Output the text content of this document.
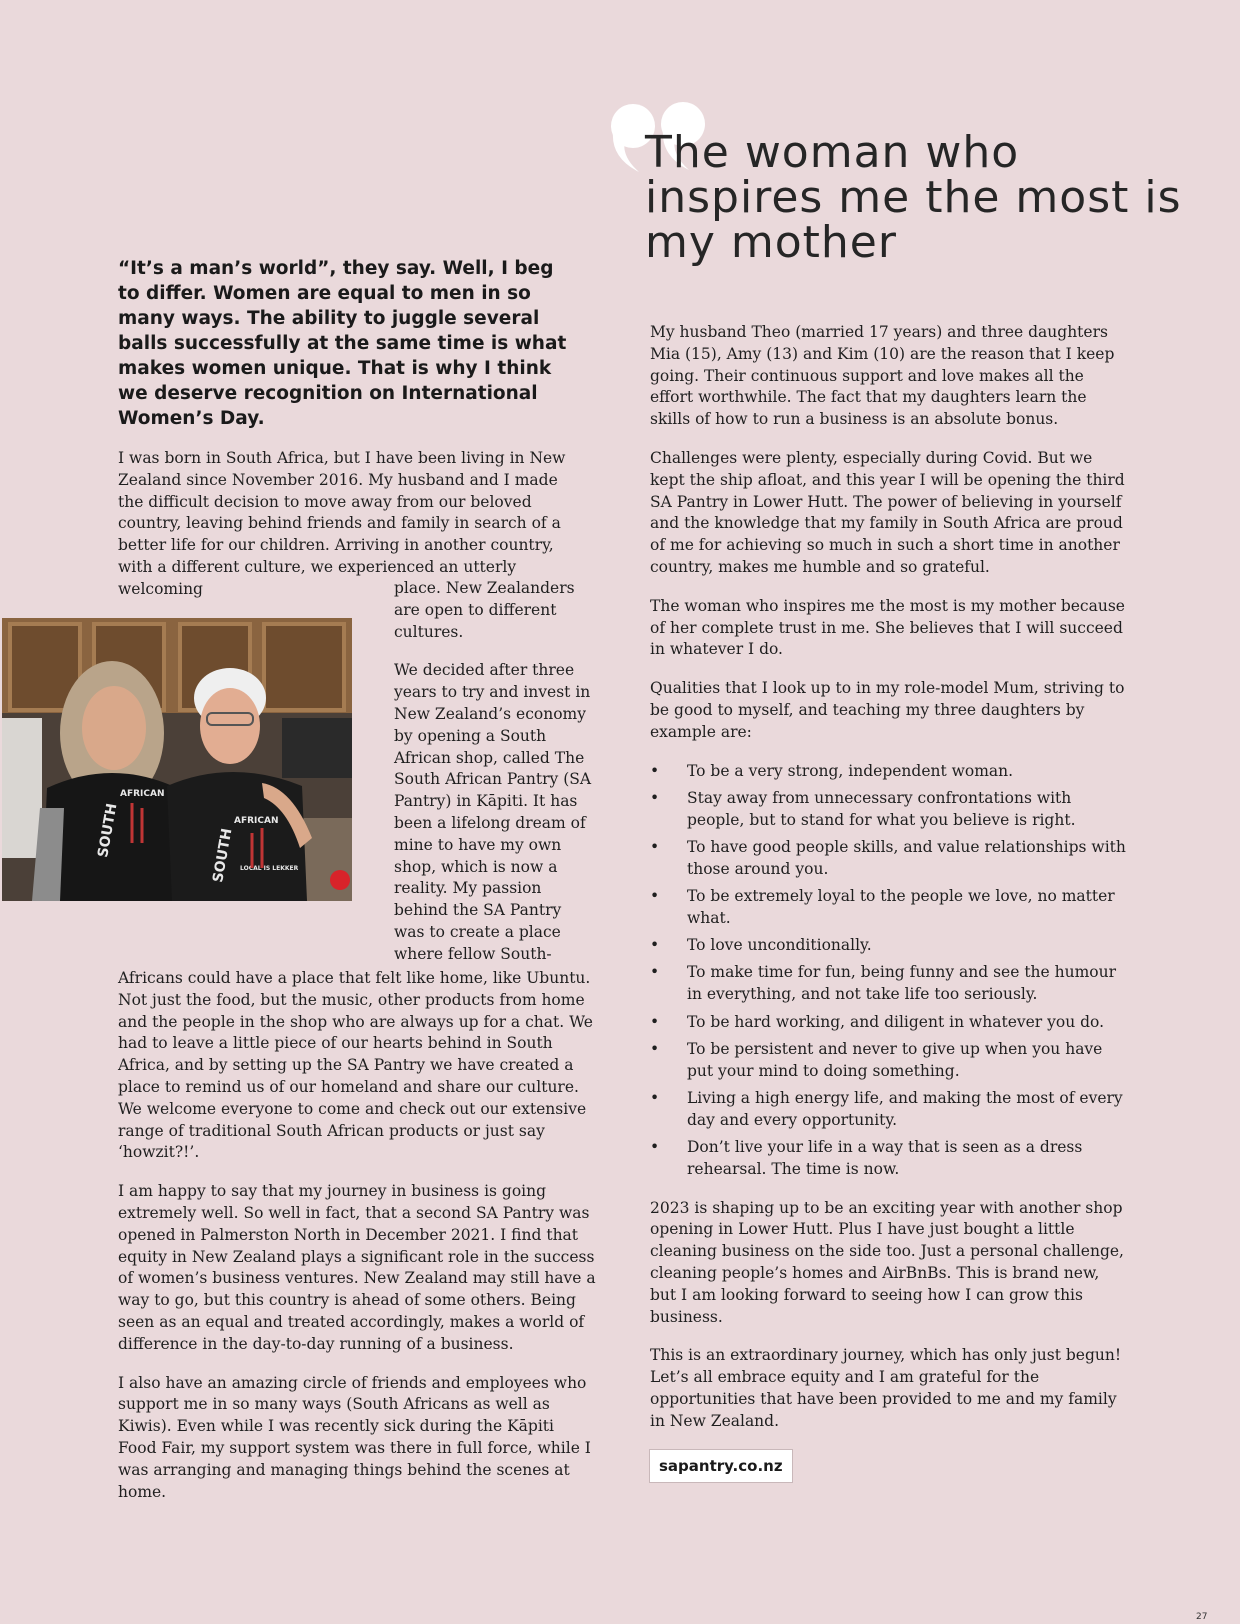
The woman who inspires me the most is my mother

“It’s a man’s world”, they say. Well, I beg to differ. Women are equal to men in so many ways. The ability to juggle several balls successfully at the same time is what makes women unique. That is why I think we deserve recognition on International Women’s Day.

I was born in South Africa, but I have been living in New Zealand since November 2016. My husband and I made the difficult decision to move away from our beloved country, leaving behind friends and family in search of a better life for our children. Arriving in another country, with a different culture, we experienced an utterly welcoming

SOUTH
AFRICAN
SOUTH
AFRICAN
LOCAL IS LEKKER

place. New Zealanders are open to different cultures.

We decided after three years to try and invest in New Zealand’s economy by opening a South African shop, called The South African Pantry (SA Pantry) in Kāpiti. It has been a lifelong dream of mine to have my own shop, which is now a reality. My passion behind the SA Pantry was to create a place where fellow South-

Africans could have a place that felt like home, like Ubuntu. Not just the food, but the music, other products from home and the people in the shop who are always up for a chat. We had to leave a little piece of our hearts behind in South Africa, and by setting up the SA Pantry we have created a place to remind us of our homeland and share our culture. We welcome everyone to come and check out our extensive range of traditional South African products or just say ‘howzit?!’.

I am happy to say that my journey in business is going extremely well. So well in fact, that a second SA Pantry was opened in Palmerston North in December 2021. I find that equity in New Zealand plays a significant role in the success of women’s business ventures. New Zealand may still have a way to go, but this country is ahead of some others. Being seen as an equal and treated accordingly, makes a world of difference in the day-to-day running of a business.

I also have an amazing circle of friends and employees who support me in so many ways (South Africans as well as Kiwis). Even while I was recently sick during the Kāpiti Food Fair, my support system was there in full force, while I was arranging and managing things behind the scenes at home.

My husband Theo (married 17 years) and three daughters Mia (15), Amy (13) and Kim (10) are the reason that I keep going. Their continuous support and love makes all the effort worthwhile. The fact that my daughters learn the skills of how to run a business is an absolute bonus.

Challenges were plenty, especially during Covid. But we kept the ship afloat, and this year I will be opening the third SA Pantry in Lower Hutt. The power of believing in yourself and the knowledge that my family in South Africa are proud of me for achieving so much in such a short time in another country, makes me humble and so grateful.

The woman who inspires me the most is my mother because of her complete trust in me. She believes that I will succeed in whatever I do.

Qualities that I look up to in my role-model Mum, striving to be good to myself, and teaching my three daughters by example are:

• To be a very strong, independent woman.
• Stay away from unnecessary confrontations with people, but to stand for what you believe is right.
• To have good people skills, and value relationships with those around you.
• To be extremely loyal to the people we love, no matter what.
• To love unconditionally.
• To make time for fun, being funny and see the humour in everything, and not take life too seriously.
• To be hard working, and diligent in whatever you do.
• To be persistent and never to give up when you have put your mind to doing something.
• Living a high energy life, and making the most of every day and every opportunity.
• Don’t live your life in a way that is seen as a dress rehearsal. The time is now.

2023 is shaping up to be an exciting year with another shop opening in Lower Hutt. Plus I have just bought a little cleaning business on the side too. Just a personal challenge, cleaning people’s homes and AirBnBs. This is brand new, but I am looking forward to seeing how I can grow this business.

This is an extraordinary journey, which has only just begun! Let’s all embrace equity and I am grateful for the opportunities that have been provided to me and my family in New Zealand.

sapantry.co.nz
27
